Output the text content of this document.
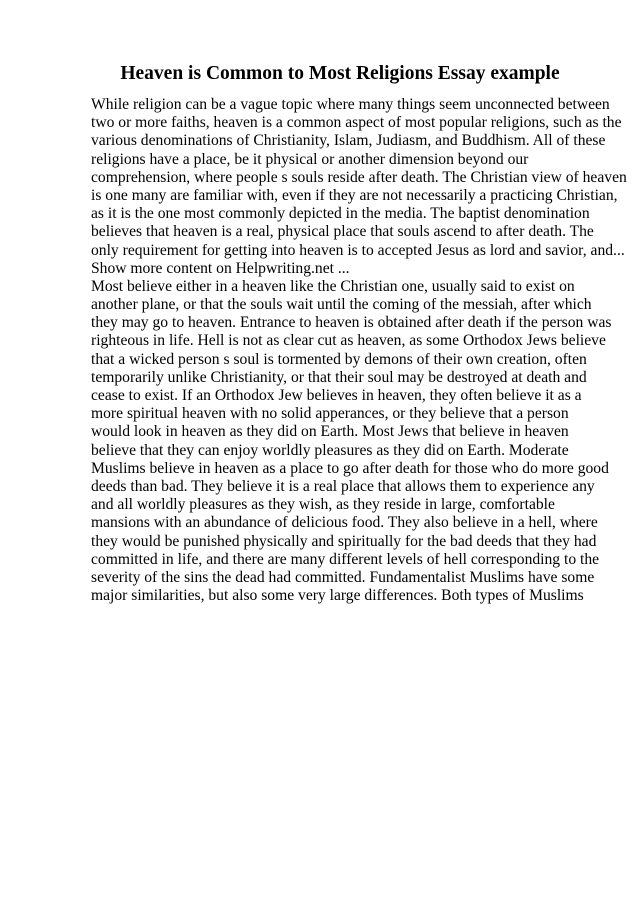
Heaven is Common to Most Religions Essay example
While religion can be a vague topic where many things seem unconnected between
two or more faiths, heaven is a common aspect of most popular religions, such as the
various denominations of Christianity, Islam, Judiasm, and Buddhism. All of these
religions have a place, be it physical or another dimension beyond our
comprehension, where people s souls reside after death. The Christian view of heaven
is one many are familiar with, even if they are not necessarily a practicing Christian,
as it is the one most commonly depicted in the media. The baptist denomination
believes that heaven is a real, physical place that souls ascend to after death. The
only requirement for getting into heaven is to accepted Jesus as lord and savior, and...
Show more content on Helpwriting.net ...
Most believe either in a heaven like the Christian one, usually said to exist on
another plane, or that the souls wait until the coming of the messiah, after which
they may go to heaven. Entrance to heaven is obtained after death if the person was
righteous in life. Hell is not as clear cut as heaven, as some Orthodox Jews believe
that a wicked person s soul is tormented by demons of their own creation, often
temporarily unlike Christianity, or that their soul may be destroyed at death and
cease to exist. If an Orthodox Jew believes in heaven, they often believe it as a
more spiritual heaven with no solid apperances, or they believe that a person
would look in heaven as they did on Earth. Most Jews that believe in heaven
believe that they can enjoy worldly pleasures as they did on Earth. Moderate
Muslims believe in heaven as a place to go after death for those who do more good
deeds than bad. They believe it is a real place that allows them to experience any
and all worldly pleasures as they wish, as they reside in large, comfortable
mansions with an abundance of delicious food. They also believe in a hell, where
they would be punished physically and spiritually for the bad deeds that they had
committed in life, and there are many different levels of hell corresponding to the
severity of the sins the dead had committed. Fundamentalist Muslims have some
major similarities, but also some very large differences. Both types of Muslims
